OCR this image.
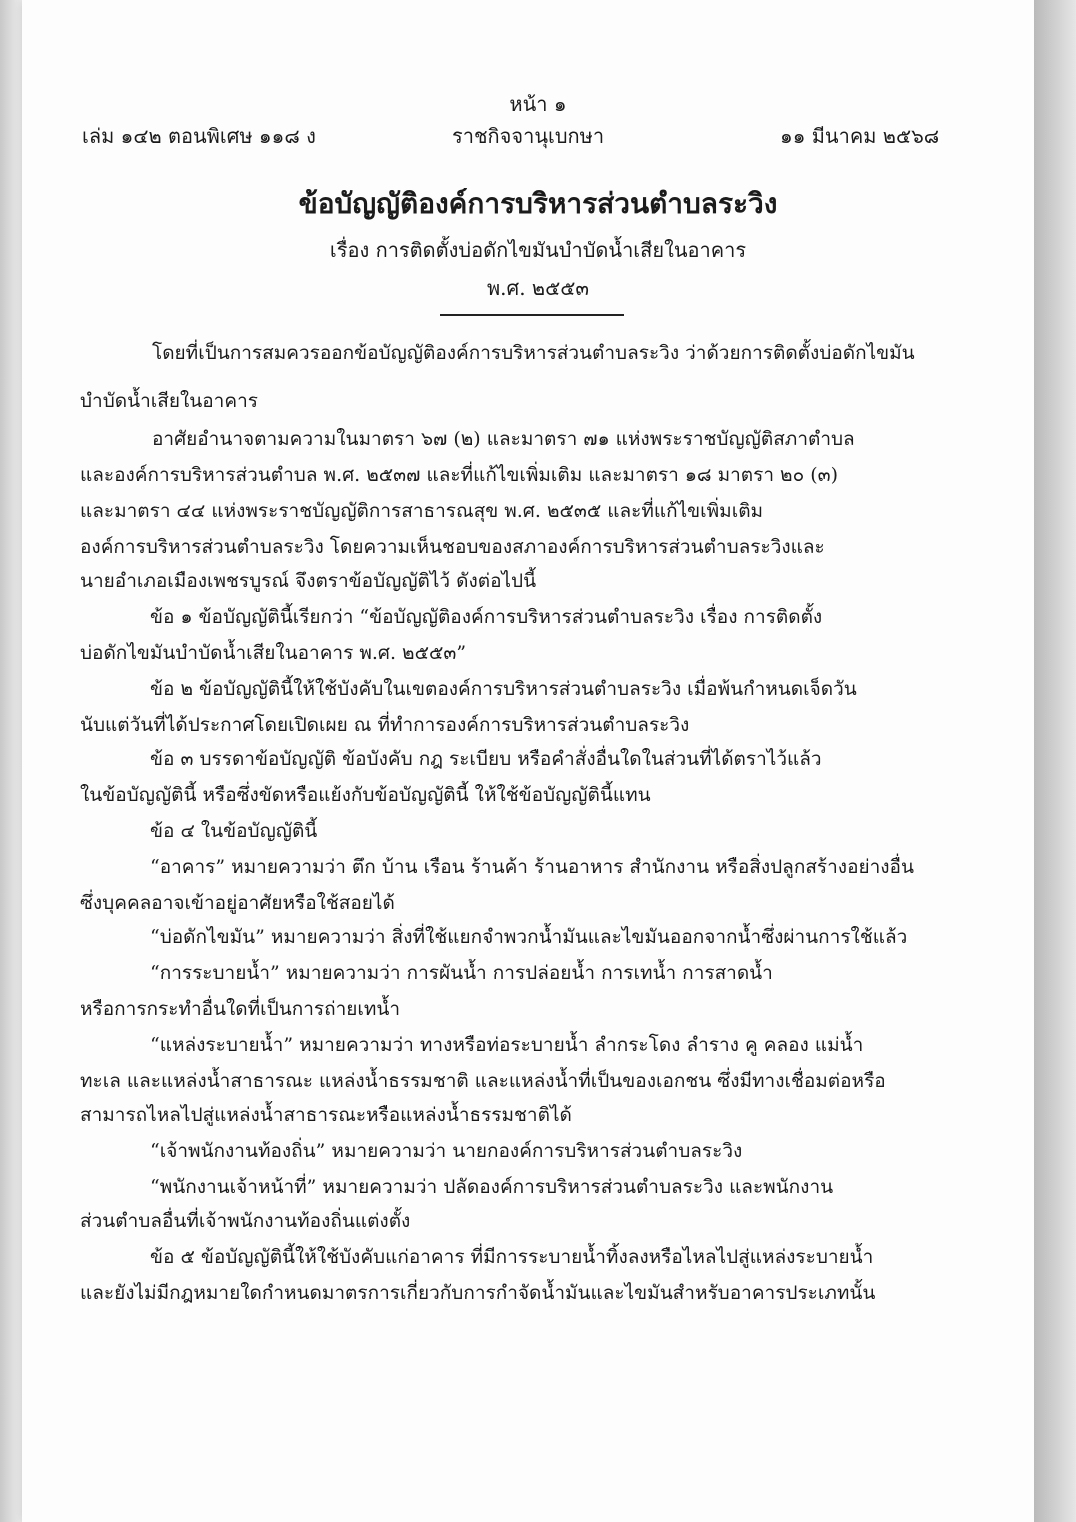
หน้า ๑
เล่ม ๑๔๒ ตอนพิเศษ ๑๑๘ ง	ราชกิจจานุเบกษา	๑๑ มีนาคม ๒๕๖๘
ข้อบัญญัติองค์การบริหารส่วนตำบลระวิง
เรื่อง การติดตั้งบ่อดักไขมันบำบัดน้ำเสียในอาคาร
พ.ศ. ๒๕๕๓
โดยที่เป็นการสมควรออกข้อบัญญัติองค์การบริหารส่วนตำบลระวิง ว่าด้วยการติดตั้งบ่อดักไขมัน
บำบัดน้ำเสียในอาคาร
อาศัยอำนาจตามความในมาตรา ๖๗ (๒) และมาตรา ๗๑ แห่งพระราชบัญญัติสภาตำบล
และองค์การบริหารส่วนตำบล พ.ศ. ๒๕๓๗ และที่แก้ไขเพิ่มเติม และมาตรา ๑๘ มาตรา ๒๐ (๓)
และมาตรา ๔๔ แห่งพระราชบัญญัติการสาธารณสุข พ.ศ. ๒๕๓๕ และที่แก้ไขเพิ่มเติม
องค์การบริหารส่วนตำบลระวิง โดยความเห็นชอบของสภาองค์การบริหารส่วนตำบลระวิงและ
นายอำเภอเมืองเพชรบูรณ์ จึงตราข้อบัญญัติไว้ ดังต่อไปนี้
ข้อ ๑ ข้อบัญญัตินี้เรียกว่า “ข้อบัญญัติองค์การบริหารส่วนตำบลระวิง เรื่อง การติดตั้ง
บ่อดักไขมันบำบัดน้ำเสียในอาคาร พ.ศ. ๒๕๕๓”
ข้อ ๒ ข้อบัญญัตินี้ให้ใช้บังคับในเขตองค์การบริหารส่วนตำบลระวิง เมื่อพ้นกำหนดเจ็ดวัน
นับแต่วันที่ได้ประกาศโดยเปิดเผย ณ ที่ทำการองค์การบริหารส่วนตำบลระวิง
ข้อ ๓ บรรดาข้อบัญญัติ ข้อบังคับ กฎ ระเบียบ หรือคำสั่งอื่นใดในส่วนที่ได้ตราไว้แล้ว
ในข้อบัญญัตินี้ หรือซึ่งขัดหรือแย้งกับข้อบัญญัตินี้ ให้ใช้ข้อบัญญัตินี้แทน
ข้อ ๔ ในข้อบัญญัตินี้
“อาคาร” หมายความว่า ตึก บ้าน เรือน ร้านค้า ร้านอาหาร สำนักงาน หรือสิ่งปลูกสร้างอย่างอื่น
ซึ่งบุคคลอาจเข้าอยู่อาศัยหรือใช้สอยได้
“บ่อดักไขมัน” หมายความว่า สิ่งที่ใช้แยกจำพวกน้ำมันและไขมันออกจากน้ำซึ่งผ่านการใช้แล้ว
“การระบายน้ำ” หมายความว่า การผันน้ำ การปล่อยน้ำ การเทน้ำ การสาดน้ำ
หรือการกระทำอื่นใดที่เป็นการถ่ายเทน้ำ
“แหล่งระบายน้ำ” หมายความว่า ทางหรือท่อระบายน้ำ ลำกระโดง ลำราง คู คลอง แม่น้ำ
ทะเล และแหล่งน้ำสาธารณะ แหล่งน้ำธรรมชาติ และแหล่งน้ำที่เป็นของเอกชน ซึ่งมีทางเชื่อมต่อหรือ
สามารถไหลไปสู่แหล่งน้ำสาธารณะหรือแหล่งน้ำธรรมชาติได้
“เจ้าพนักงานท้องถิ่น” หมายความว่า นายกองค์การบริหารส่วนตำบลระวิง
“พนักงานเจ้าหน้าที่” หมายความว่า ปลัดองค์การบริหารส่วนตำบลระวิง และพนักงาน
ส่วนตำบลอื่นที่เจ้าพนักงานท้องถิ่นแต่งตั้ง
ข้อ ๕ ข้อบัญญัตินี้ให้ใช้บังคับแก่อาคาร ที่มีการระบายน้ำทิ้งลงหรือไหลไปสู่แหล่งระบายน้ำ
และยังไม่มีกฎหมายใดกำหนดมาตรการเกี่ยวกับการกำจัดน้ำมันและไขมันสำหรับอาคารประเภทนั้น
